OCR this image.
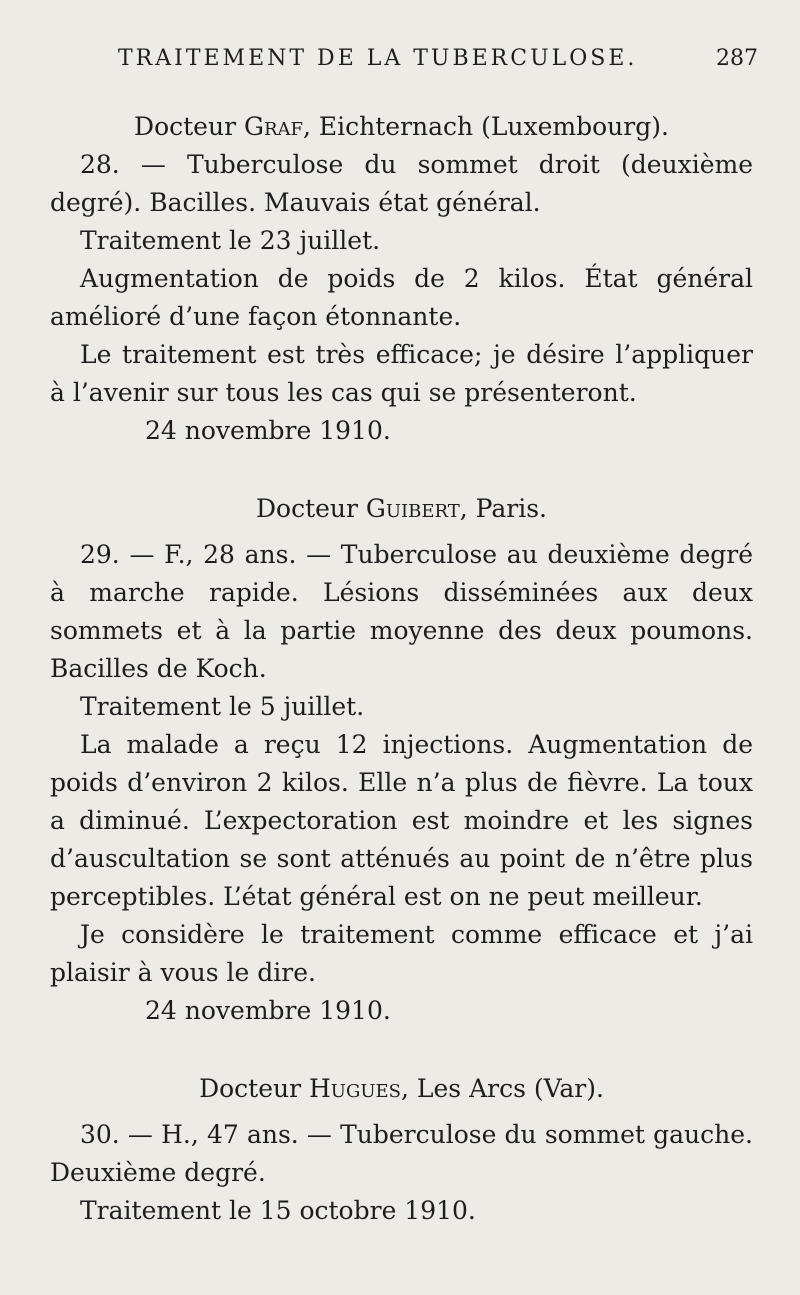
TRAITEMENT DE LA TUBERCULOSE.	287

Docteur Graf, Eichternach (Luxembourg).

28. — Tuberculose du sommet droit (deuxième degré). Bacilles. Mauvais état général.

Traitement le 23 juillet.

Augmentation de poids de 2 kilos. État général amélioré d’une façon étonnante.

Le traitement est très efficace; je désire l’appliquer à l’avenir sur tous les cas qui se présenteront.

24 novembre 1910.

Docteur Guibert, Paris.

29. — F., 28 ans. — Tuberculose au deuxième degré à marche rapide. Lésions disséminées aux deux sommets et à la partie moyenne des deux poumons. Bacilles de Koch.

Traitement le 5 juillet.

La malade a reçu 12 injections. Augmentation de poids d’environ 2 kilos. Elle n’a plus de fièvre. La toux a diminué. L’expectoration est moindre et les signes d’auscultation se sont atténués au point de n’être plus perceptibles. L’état général est on ne peut meilleur.

Je considère le traitement comme efficace et j’ai plaisir à vous le dire.

24 novembre 1910.

Docteur Hugues, Les Arcs (Var).

30. — H., 47 ans. — Tuberculose du sommet gauche. Deuxième degré.

Traitement le 15 octobre 1910.
